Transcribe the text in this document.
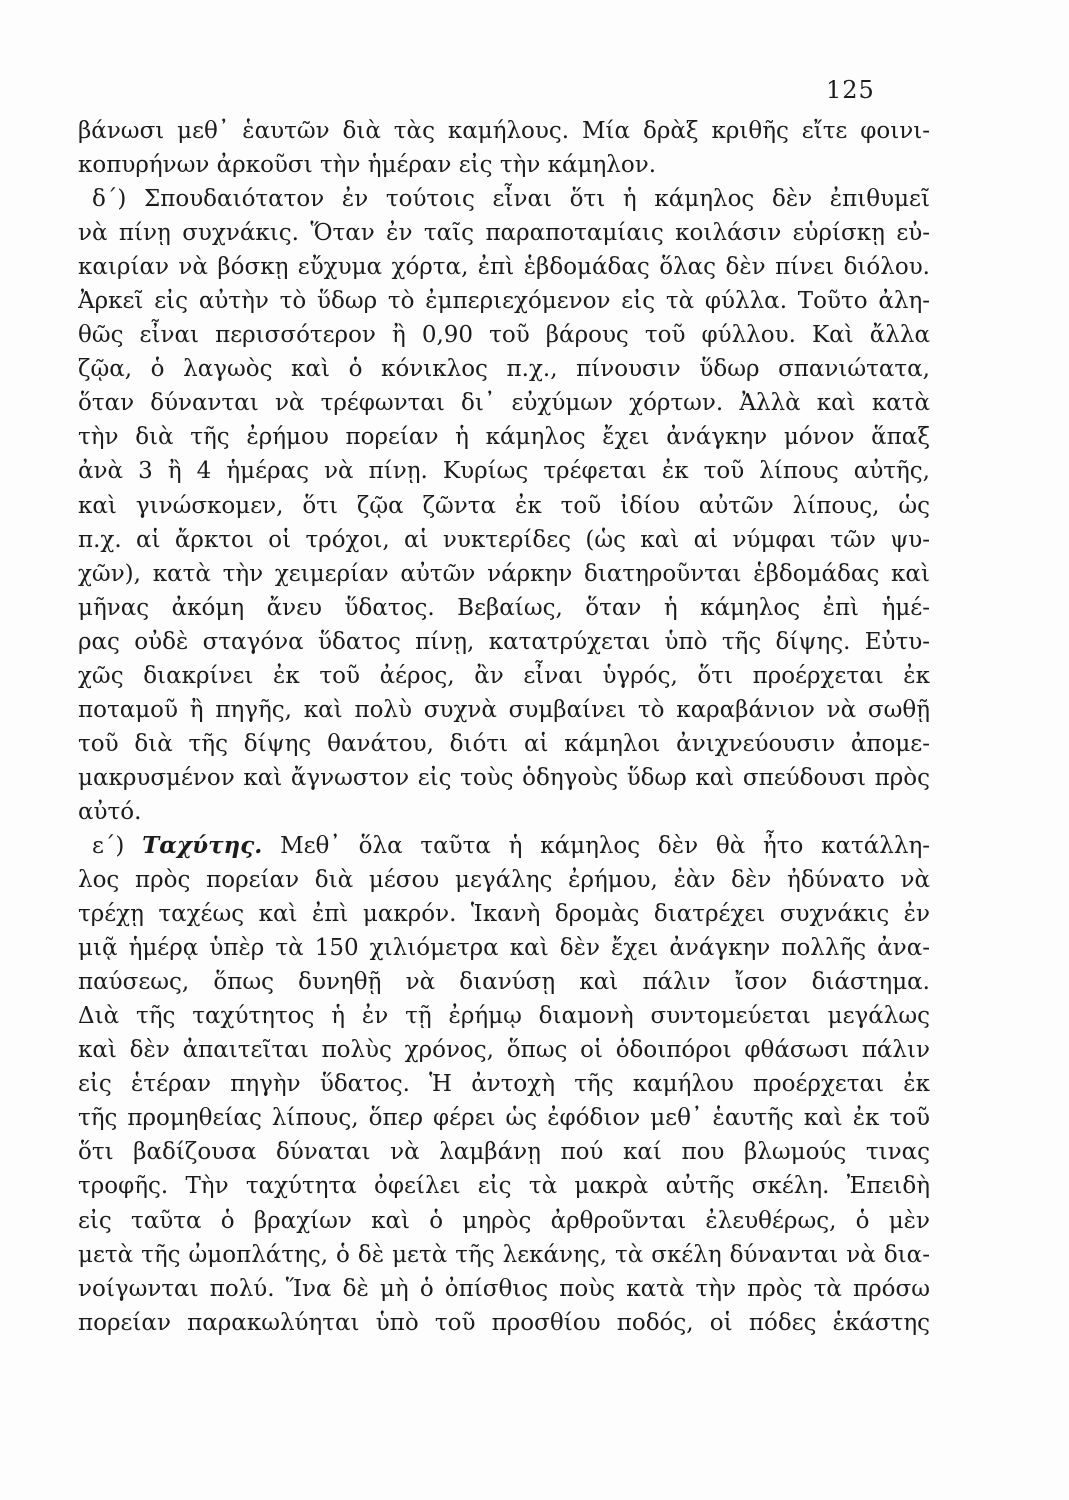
125
βάνωσι μεθ᾽ ἑαυτῶν διὰ τὰς καμήλους. Μία δρὰξ κριθῆς εἴτε φοινι-
κοπυρήνων ἀρκοῦσι τὴν ἡμέραν εἰς τὴν κάμηλον.
δ΄) Σπουδαιότατον ἐν τούτοις εἶναι ὅτι ἡ κάμηλος δὲν ἐπιθυμεῖ
νὰ πίνῃ συχνάκις. Ὅταν ἐν ταῖς παραποταμίαις κοιλάσιν εὑρίσκῃ εὐ-
καιρίαν νὰ βόσκῃ εὔχυμα χόρτα, ἐπὶ ἑβδομάδας ὅλας δὲν πίνει διόλου.
Ἀρκεῖ εἰς αὐτὴν τὸ ὕδωρ τὸ ἐμπεριεχόμενον εἰς τὰ φύλλα. Τοῦτο ἀλη-
θῶς εἶναι περισσότερον ἢ 0,90 τοῦ βάρους τοῦ φύλλου. Καὶ ἄλλα
ζῷα, ὁ λαγωὸς καὶ ὁ κόνικλος π.χ., πίνουσιν ὕδωρ σπανιώτατα,
ὅταν δύνανται νὰ τρέφωνται δι᾽ εὐχύμων χόρτων. Ἀλλὰ καὶ κατὰ
τὴν διὰ τῆς ἐρήμου πορείαν ἡ κάμηλος ἔχει ἀνάγκην μόνον ἅπαξ
ἀνὰ 3 ἢ 4 ἡμέρας νὰ πίνῃ. Κυρίως τρέφεται ἐκ τοῦ λίπους αὐτῆς,
καὶ γινώσκομεν, ὅτι ζῷα ζῶντα ἐκ τοῦ ἰδίου αὐτῶν λίπους, ὡς
π.χ. αἱ ἄρκτοι οἱ τρόχοι, αἱ νυκτερίδες (ὡς καὶ αἱ νύμφαι τῶν ψυ-
χῶν), κατὰ τὴν χειμερίαν αὐτῶν νάρκην διατηροῦνται ἑβδομάδας καὶ
μῆνας ἀκόμη ἄνευ ὕδατος. Βεβαίως, ὅταν ἡ κάμηλος ἐπὶ ἡμέ-
ρας οὐδὲ σταγόνα ὕδατος πίνῃ, κατατρύχεται ὑπὸ τῆς δίψης. Εὐτυ-
χῶς διακρίνει ἐκ τοῦ ἀέρος, ἂν εἶναι ὑγρός, ὅτι προέρχεται ἐκ
ποταμοῦ ἢ πηγῆς, καὶ πολὺ συχνὰ συμβαίνει τὸ καραβάνιον νὰ σωθῇ
τοῦ διὰ τῆς δίψης θανάτου, διότι αἱ κάμηλοι ἀνιχνεύουσιν ἀπομε-
μακρυσμένον καὶ ἄγνωστον εἰς τοὺς ὁδηγοὺς ὕδωρ καὶ σπεύδουσι πρὸς
αὐτό.
ε΄) Ταχύτης. Μεθ᾽ ὅλα ταῦτα ἡ κάμηλος δὲν θὰ ἦτο κατάλλη-
λος πρὸς πορείαν διὰ μέσου μεγάλης ἐρήμου, ἐὰν δὲν ἠδύνατο νὰ
τρέχῃ ταχέως καὶ ἐπὶ μακρόν. Ἱκανὴ δρομὰς διατρέχει συχνάκις ἐν
μιᾷ ἡμέρᾳ ὑπὲρ τὰ 150 χιλιόμετρα καὶ δὲν ἔχει ἀνάγκην πολλῆς ἀνα-
παύσεως, ὅπως δυνηθῇ νὰ διανύσῃ καὶ πάλιν ἴσον διάστημα.
Διὰ τῆς ταχύτητος ἡ ἐν τῇ ἐρήμῳ διαμονὴ συντομεύεται μεγάλως
καὶ δὲν ἀπαιτεῖται πολὺς χρόνος, ὅπως οἱ ὁδοιπόροι φθάσωσι πάλιν
εἰς ἑτέραν πηγὴν ὕδατος. Ἡ ἀντοχὴ τῆς καμήλου προέρχεται ἐκ
τῆς προμηθείας λίπους, ὅπερ φέρει ὡς ἐφόδιον μεθ᾽ ἑαυτῆς καὶ ἐκ τοῦ
ὅτι βαδίζουσα δύναται νὰ λαμβάνῃ πού καί που βλωμούς τινας
τροφῆς. Τὴν ταχύτητα ὀφείλει εἰς τὰ μακρὰ αὐτῆς σκέλη. Ἐπειδὴ
εἰς ταῦτα ὁ βραχίων καὶ ὁ μηρὸς ἀρθροῦνται ἐλευθέρως, ὁ μὲν
μετὰ τῆς ὠμοπλάτης, ὁ δὲ μετὰ τῆς λεκάνης, τὰ σκέλη δύνανται νὰ δια-
νοίγωνται πολύ. Ἵνα δὲ μὴ ὁ ὀπίσθιος ποὺς κατὰ τὴν πρὸς τὰ πρόσω
πορείαν παρακωλύηται ὑπὸ τοῦ προσθίου ποδός, οἱ πόδες ἑκάστης
